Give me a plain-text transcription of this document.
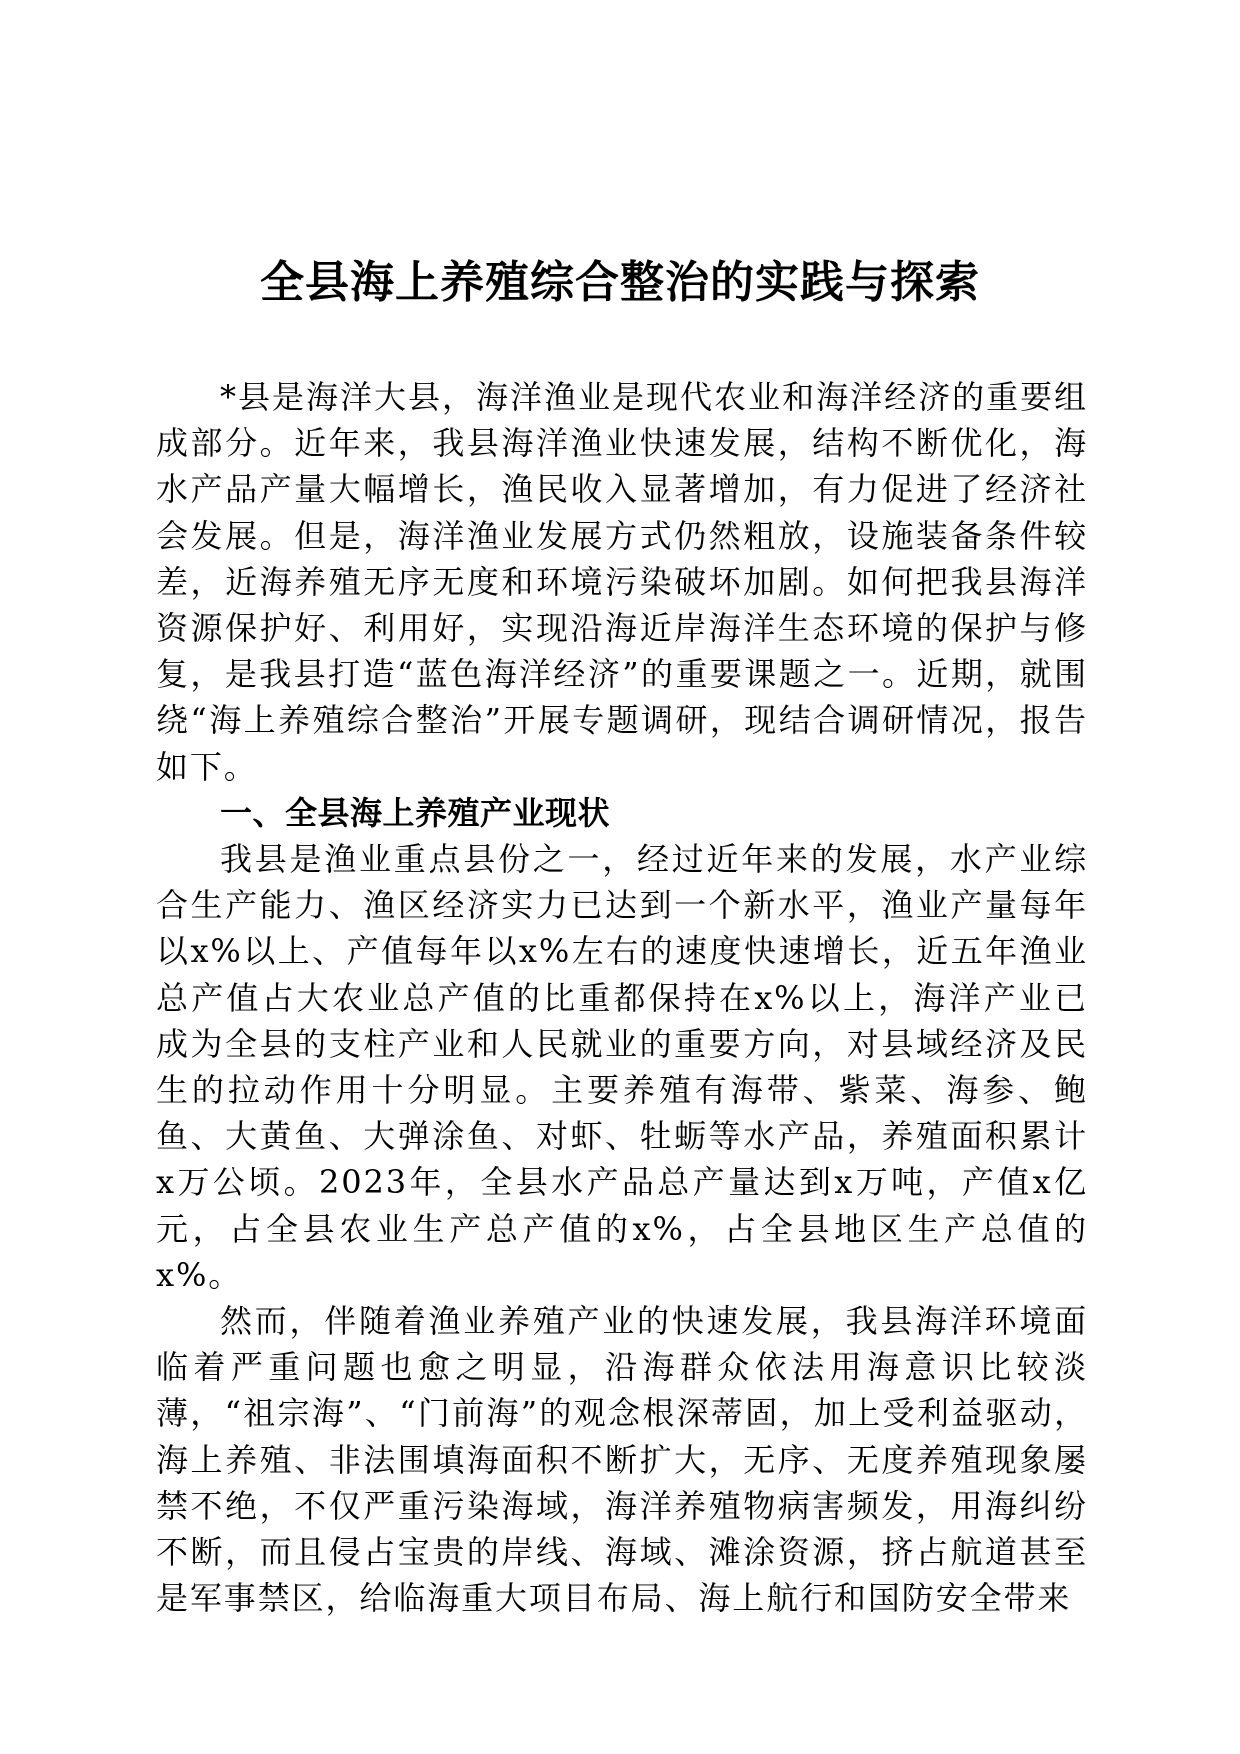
全县海上养殖综合整治的实践与探索

*县是海洋大县，海洋渔业是现代农业和海洋经济的重要组成部分。近年来，我县海洋渔业快速发展，结构不断优化，海水产品产量大幅增长，渔民收入显著增加，有力促进了经济社会发展。但是，海洋渔业发展方式仍然粗放，设施装备条件较差，近海养殖无序无度和环境污染破坏加剧。如何把我县海洋资源保护好、利用好，实现沿海近岸海洋生态环境的保护与修复，是我县打造“蓝色海洋经济”的重要课题之一。近期，就围绕“海上养殖综合整治”开展专题调研，现结合调研情况，报告如下。

一、全县海上养殖产业现状

我县是渔业重点县份之一，经过近年来的发展，水产业综合生产能力、渔区经济实力已达到一个新水平，渔业产量每年以x%以上、产值每年以x%左右的速度快速增长，近五年渔业总产值占大农业总产值的比重都保持在x%以上，海洋产业已成为全县的支柱产业和人民就业的重要方向，对县域经济及民生的拉动作用十分明显。主要养殖有海带、紫菜、海参、鲍鱼、大黄鱼、大弹涂鱼、对虾、牡蛎等水产品，养殖面积累计x万公顷。2023年，全县水产品总产量达到x万吨，产值x亿元，占全县农业生产总产值的x%，占全县地区生产总值的x%。

然而，伴随着渔业养殖产业的快速发展，我县海洋环境面临着严重问题也愈之明显，沿海群众依法用海意识比较淡薄，“祖宗海”、“门前海”的观念根深蒂固，加上受利益驱动，海上养殖、非法围填海面积不断扩大，无序、无度养殖现象屡禁不绝，不仅严重污染海域，海洋养殖物病害频发，用海纠纷不断，而且侵占宝贵的岸线、海域、滩涂资源，挤占航道甚至是军事禁区，给临海重大项目布局、海上航行和国防安全带来
